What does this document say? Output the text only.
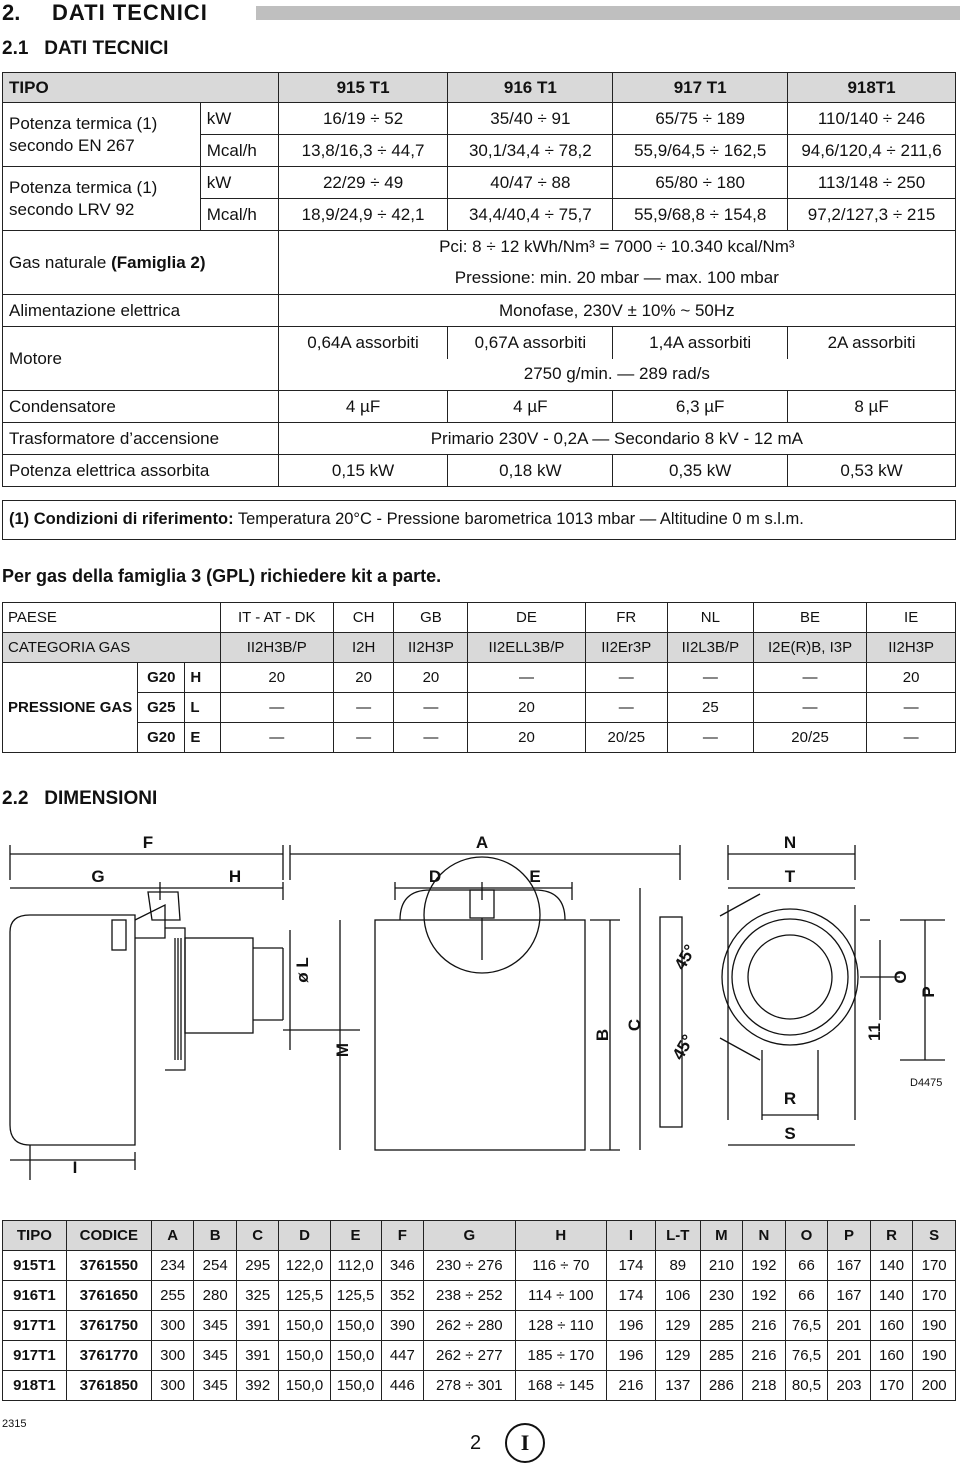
2. DATI TECNICI
2.1 DATI TECNICI
TIPO		915 T1	916 T1	917 T1	918T1
Potenza termica (1)
secondo EN 267	kW	16/19 ÷ 52	35/40 ÷ 91	65/75 ÷ 189	110/140 ÷ 246
	Mcal/h	13,8/16,3 ÷ 44,7	30,1/34,4 ÷ 78,2	55,9/64,5 ÷ 162,5	94,6/120,4 ÷ 211,6
Potenza termica (1)
secondo LRV 92	kW	22/29 ÷ 49	40/47 ÷ 88	65/80 ÷ 180	113/148 ÷ 250
	Mcal/h	18,9/24,9 ÷ 42,1	34,4/40,4 ÷ 75,7	55,9/68,8 ÷ 154,8	97,2/127,3 ÷ 215
Gas naturale (Famiglia 2)		Pci: 8 ÷ 12 kWh/Nm³ = 7000 ÷ 10.340 kcal/Nm³			
		Pressione: min. 20 mbar — max. 100 mbar			
Alimentazione elettrica		Monofase, 230V ± 10% ~ 50Hz			
Motore		0,64A assorbiti	0,67A assorbiti	1,4A assorbiti	2A assorbiti
		2750 g/min. — 289 rad/s			
Condensatore		4 µF	4 µF	6,3 µF	8 µF
Trasformatore d’accensione		Primario 230V - 0,2A — Secondario 8 kV - 12 mA			
Potenza elettrica assorbita		0,15 kW	0,18 kW	0,35 kW	0,53 kW
(1) Condizioni di riferimento: Temperatura 20°C - Pressione barometrica 1013 mbar — Altitudine 0 m s.l.m.
Per gas della famiglia 3 (GPL) richiedere kit a parte.
PAESE			IT - AT - DK	CH	GB	DE	FR	NL	BE	IE
CATEGORIA GAS			II2H3B/P	I2H	II2H3P	II2ELL3B/P	II2Er3P	II2L3B/P	I2E(R)B, I3P	II2H3P
PRESSIONE GAS	G20	H	20	20	20	—	—	—	—	20
	G25	L	—	—	—	20	—	25	—	—
	G20	E	—	—	—	20	20/25	—	20/25	—
2.2 DIMENSIONI
F	A	N
G	H	D	E	T
ø L
M
B
C
45°
45°
O
P
11
R
S
I
D4475
TIPO	CODICE	A	B	C	D	E	F	G	H	I	L-T	M	N	O	P	R	S
915T1	3761550	234	254	295	122,0	112,0	346	230 ÷ 276	116 ÷ 70	174	89	210	192	66	167	140	170
916T1	3761650	255	280	325	125,5	125,5	352	238 ÷ 252	114 ÷ 100	174	106	230	192	66	167	140	170
917T1	3761750	300	345	391	150,0	150,0	390	262 ÷ 280	128 ÷ 110	196	129	285	216	76,5	201	160	190
917T1	3761770	300	345	391	150,0	150,0	447	262 ÷ 277	185 ÷ 170	196	129	285	216	76,5	201	160	190
918T1	3761850	300	345	392	150,0	150,0	446	278 ÷ 301	168 ÷ 145	216	137	286	218	80,5	203	170	200
2315
2	I
